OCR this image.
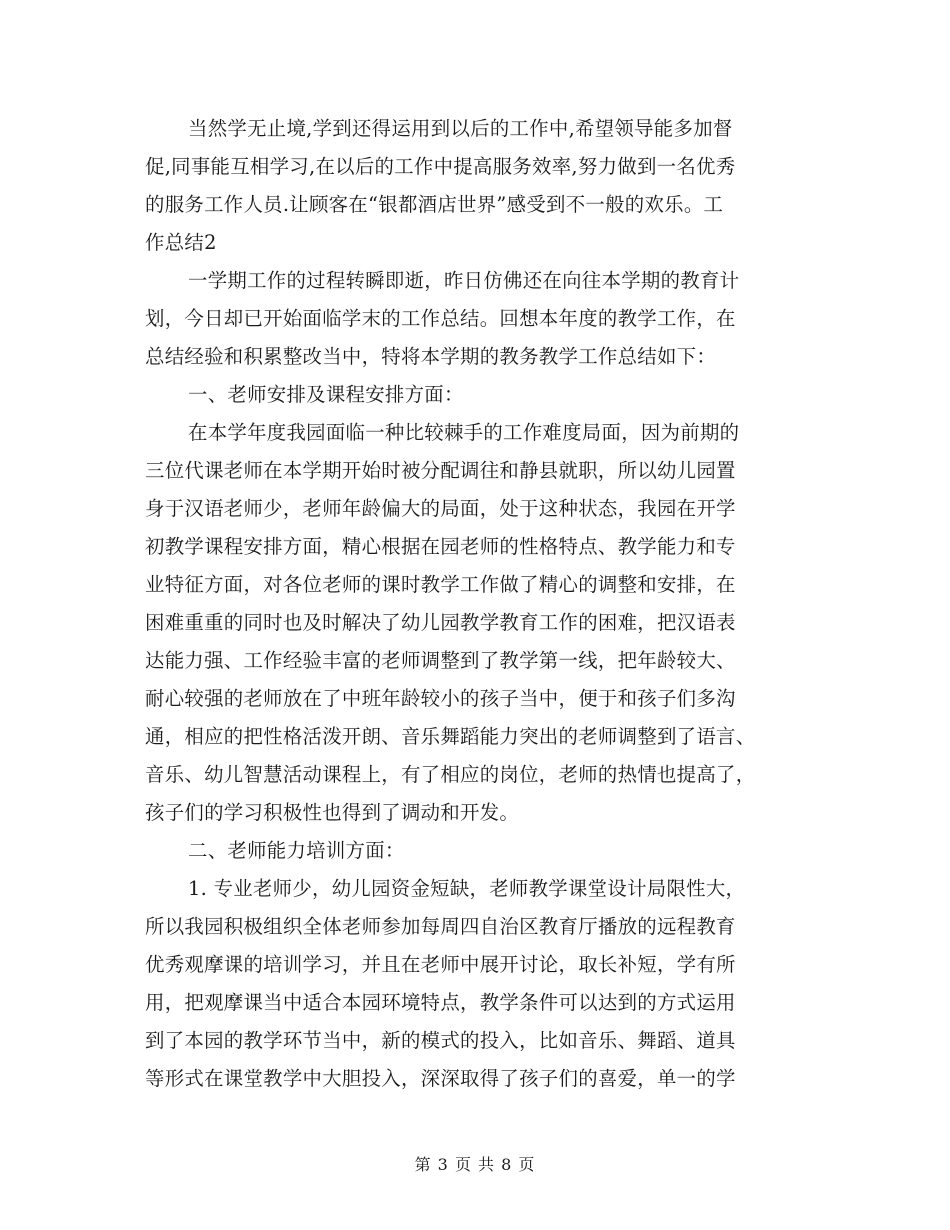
当然学无止境,学到还得运用到以后的工作中,希望领导能多加督
促,同事能互相学习,在以后的工作中提高服务效率,努力做到一名优秀
的服务工作人员.让顾客在“银都酒店世界”感受到不一般的欢乐。工
作总结2
一学期工作的过程转瞬即逝，昨日仿佛还在向往本学期的教育计
划，今日却已开始面临学末的工作总结。回想本年度的教学工作，在
总结经验和积累整改当中，特将本学期的教务教学工作总结如下：
一、老师安排及课程安排方面：
在本学年度我园面临一种比较棘手的工作难度局面，因为前期的
三位代课老师在本学期开始时被分配调往和静县就职，所以幼儿园置
身于汉语老师少，老师年龄偏大的局面，处于这种状态，我园在开学
初教学课程安排方面，精心根据在园老师的性格特点、教学能力和专
业特征方面，对各位老师的课时教学工作做了精心的调整和安排，在
困难重重的同时也及时解决了幼儿园教学教育工作的困难，把汉语表
达能力强、工作经验丰富的老师调整到了教学第一线，把年龄较大、
耐心较强的老师放在了中班年龄较小的孩子当中，便于和孩子们多沟
通，相应的把性格活泼开朗、音乐舞蹈能力突出的老师调整到了语言、
音乐、幼儿智慧活动课程上，有了相应的岗位，老师的热情也提高了，
孩子们的学习积极性也得到了调动和开发。
二、老师能力培训方面：
1. 专业老师少，幼儿园资金短缺，老师教学课堂设计局限性大，
所以我园积极组织全体老师参加每周四自治区教育厅播放的远程教育
优秀观摩课的培训学习，并且在老师中展开讨论，取长补短，学有所
用，把观摩课当中适合本园环境特点，教学条件可以达到的方式运用
到了本园的教学环节当中，新的模式的投入，比如音乐、舞蹈、道具
等形式在课堂教学中大胆投入，深深取得了孩子们的喜爱，单一的学
第 3 页 共 8 页
